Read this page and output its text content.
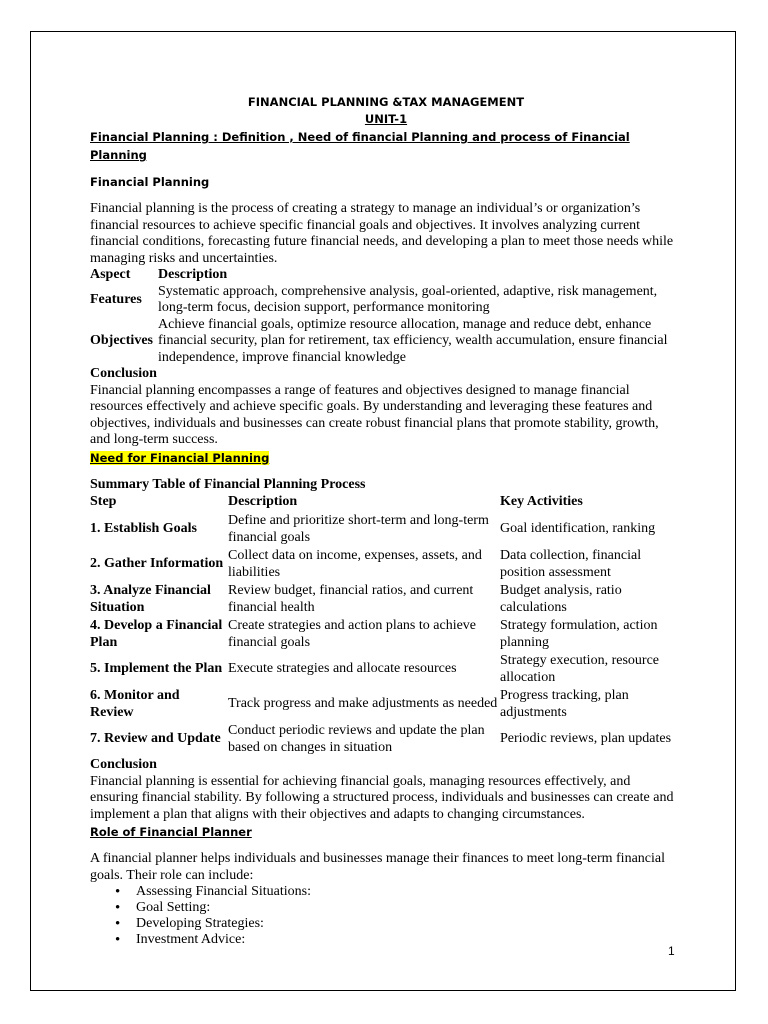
FINANCIAL PLANNING &TAX MANAGEMENT

UNIT-1

Financial Planning : Definition , Need of financial Planning and process of Financial Planning

Financial Planning

Financial planning is the process of creating a strategy to manage an individual’s or organization’s financial resources to achieve specific financial goals and objectives. It involves analyzing current financial conditions, forecasting future financial needs, and developing a plan to meet those needs while managing risks and uncertainties.

Aspect	Description
Features	Systematic approach, comprehensive analysis, goal-oriented, adaptive, risk management, long-term focus, decision support, performance monitoring
Objectives	Achieve financial goals, optimize resource allocation, manage and reduce debt, enhance financial security, plan for retirement, tax efficiency, wealth accumulation, ensure financial independence, improve financial knowledge

Conclusion

Financial planning encompasses a range of features and objectives designed to manage financial resources effectively and achieve specific goals. By understanding and leveraging these features and objectives, individuals and businesses can create robust financial plans that promote stability, growth, and long-term success.

Need for Financial Planning

Summary Table of Financial Planning Process

Step	Description	Key Activities
1. Establish Goals	Define and prioritize short-term and long-term financial goals	Goal identification, ranking
2. Gather Information	Collect data on income, expenses, assets, and liabilities	Data collection, financial position assessment
3. Analyze Financial Situation	Review budget, financial ratios, and current financial health	Budget analysis, ratio calculations
4. Develop a Financial Plan	Create strategies and action plans to achieve financial goals	Strategy formulation, action planning
5. Implement the Plan	Execute strategies and allocate resources	Strategy execution, resource allocation
6. Monitor and Review	Track progress and make adjustments as needed	Progress tracking, plan adjustments
7. Review and Update	Conduct periodic reviews and update the plan based on changes in situation	Periodic reviews, plan updates

Conclusion

Financial planning is essential for achieving financial goals, managing resources effectively, and ensuring financial stability. By following a structured process, individuals and businesses can create and implement a plan that aligns with their objectives and adapts to changing circumstances.

Role of Financial Planner

A financial planner helps individuals and businesses manage their finances to meet long-term financial goals. Their role can include:

• Assessing Financial Situations:
• Goal Setting:
• Developing Strategies:
• Investment Advice:
1
